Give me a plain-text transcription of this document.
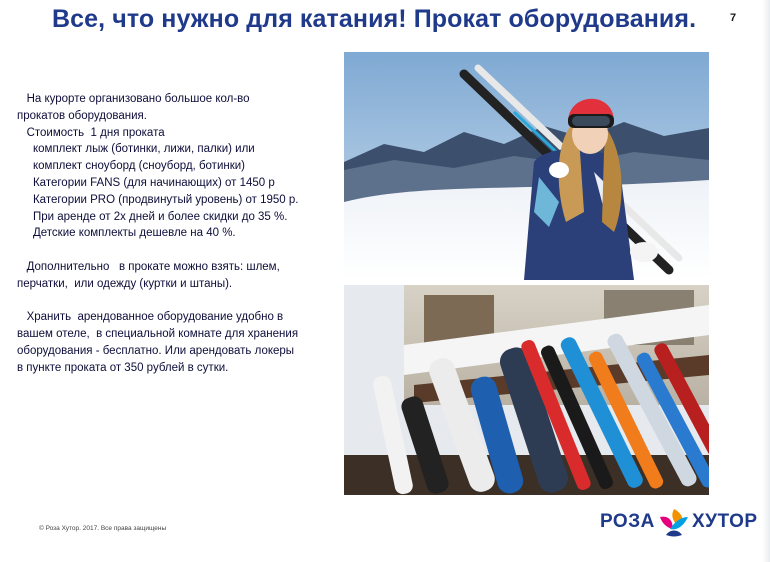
Все, что нужно для катания! Прокат оборудования.	7
На курорте организовано большое кол-во
прокатов оборудования.
Стоимость  1 дня проката
комплект лыж (ботинки, лижи, палки) или
комплект сноуборд (сноуборд, ботинки)
Категории FANS (для начинающих) от 1450 р
Категории PRO (продвинутый уровень) от 1950 р.
При аренде от 2х дней и более скидки до 35 %.
Детские комплекты дешевле на 40 %.
Дополнительно   в прокате можно взять: шлем,
перчатки,  или одежду (куртки и штаны).
Хранить  арендованное оборудование удобно в
вашем отеле,  в специальной комнате для хранения
оборудования - бесплатно. Или арендовать локеры
в пункте проката от 350 рублей в сутки.
© Роза Хутор. 2017. Все права защищены	РОЗА ХУТОР
